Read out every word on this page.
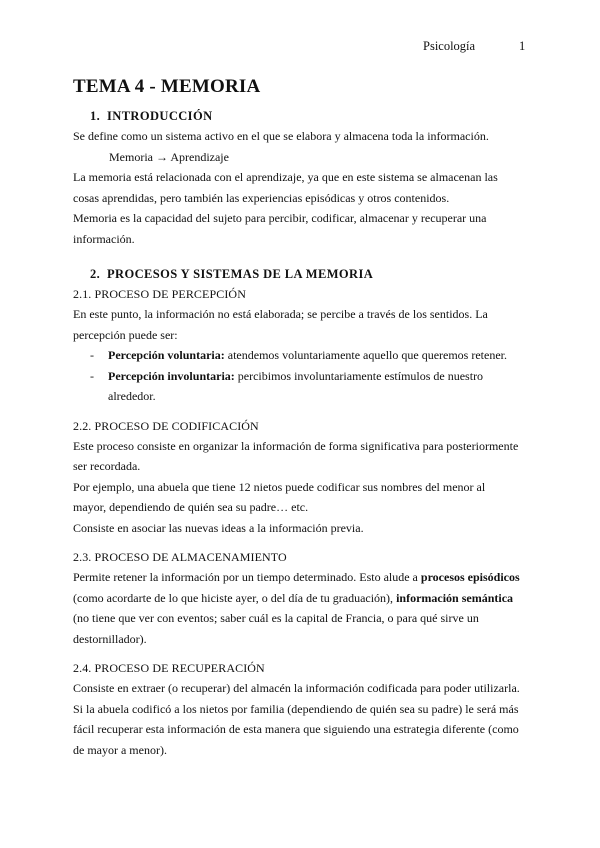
Psicología	1
TEMA 4 - MEMORIA
1. INTRODUCCIÓN

Se define como un sistema activo en el que se elabora y almacena toda la información.

Memoria → Aprendizaje

La memoria está relacionada con el aprendizaje, ya que en este sistema se almacenan las

cosas aprendidas, pero también las experiencias episódicas y otros contenidos.

Memoria es la capacidad del sujeto para percibir, codificar, almacenar y recuperar una

información.

2. PROCESOS Y SISTEMAS DE LA MEMORIA
2.1. PROCESO DE PERCEPCIÓN

En este punto, la información no está elaborada; se percibe a través de los sentidos. La

percepción puede ser:

- Percepción voluntaria: atendemos voluntariamente aquello que queremos retener.
- Percepción involuntaria: percibimos involuntariamente estímulos de nuestro
alrededor.
2.2. PROCESO DE CODIFICACIÓN

Este proceso consiste en organizar la información de forma significativa para posteriormente

ser recordada.

Por ejemplo, una abuela que tiene 12 nietos puede codificar sus nombres del menor al

mayor, dependiendo de quién sea su padre… etc.

Consiste en asociar las nuevas ideas a la información previa.

2.3. PROCESO DE ALMACENAMIENTO

Permite retener la información por un tiempo determinado. Esto alude a procesos episódicos

(como acordarte de lo que hiciste ayer, o del día de tu graduación), información semántica

(no tiene que ver con eventos; saber cuál es la capital de Francia, o para qué sirve un

destornillador).

2.4. PROCESO DE RECUPERACIÓN

Consiste en extraer (o recuperar) del almacén la información codificada para poder utilizarla.

Si la abuela codificó a los nietos por familia (dependiendo de quién sea su padre) le será más

fácil recuperar esta información de esta manera que siguiendo una estrategia diferente (como

de mayor a menor).
